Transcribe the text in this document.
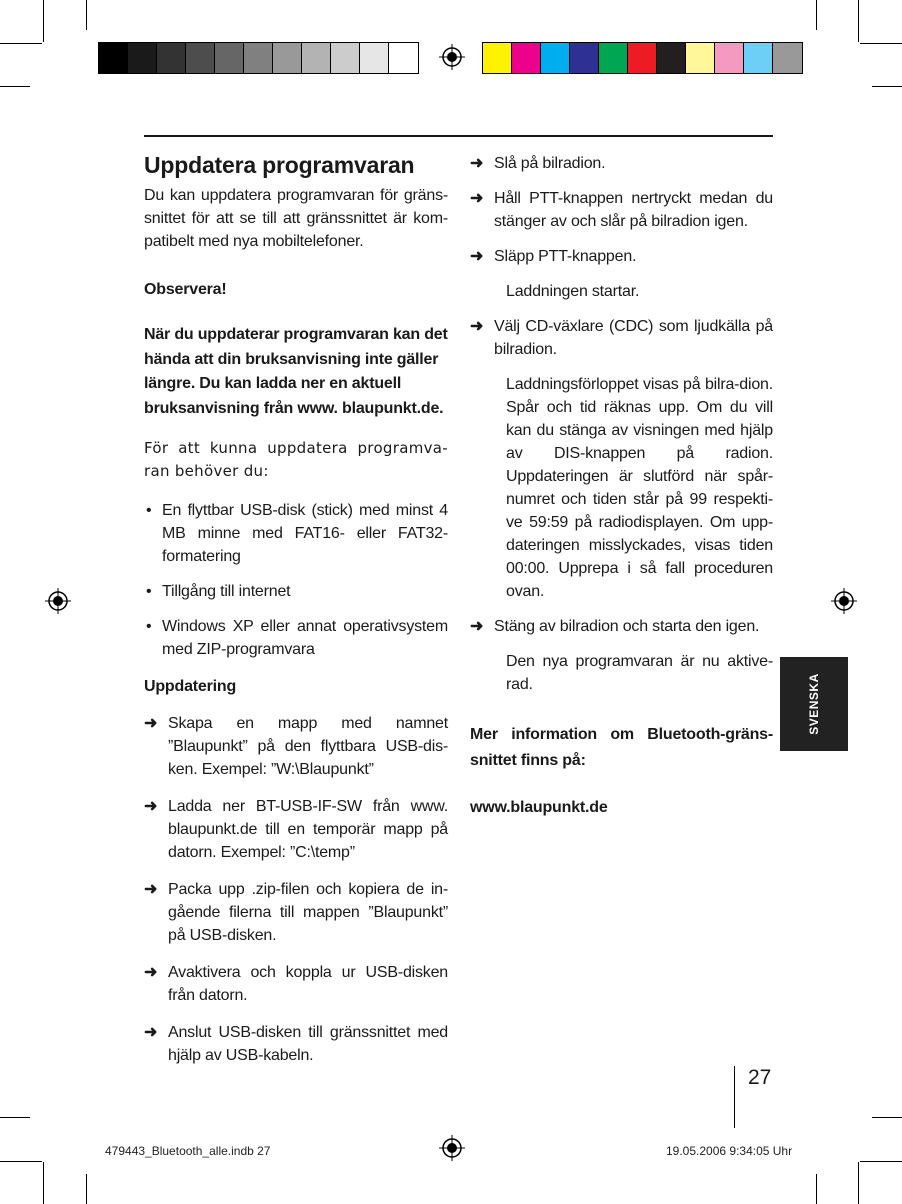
Uppdatera programvaran

Du kan uppdatera programvaran för gräns-snittet för att se till att gränssnittet är kom-patibelt med nya mobiltelefoner.

Observera!

När du uppdaterar programvaran kan det hända att din bruksanvisning inte gäller längre. Du kan ladda ner en aktuell bruksanvisning från www. blaupunkt.de.

För att kunna uppdatera programva-ran behöver du:

• En flyttbar USB-disk (stick) med minst 4 MB minne med FAT16- eller FAT32-formatering
• Tillgång till internet
• Windows XP eller annat operativsystem med ZIP-programvara

Uppdatering

➜ Skapa en mapp med namnet ”Blaupunkt” på den flyttbara USB-dis-ken. Exempel: ”W:\Blaupunkt”
➜ Ladda ner BT-USB-IF-SW från www. blaupunkt.de till en temporär mapp på datorn. Exempel: ”C:\temp”
➜ Packa upp .zip-filen och kopiera de in-gående filerna till mappen ”Blaupunkt” på USB-disken.
➜ Avaktivera och koppla ur USB-disken från datorn.
➜ Anslut USB-disken till gränssnittet med hjälp av USB-kabeln.
➜ Slå på bilradion.
➜ Håll PTT-knappen nertryckt medan du stänger av och slår på bilradion igen.
➜ Släpp PTT-knappen.

Laddningen startar.

➜ Välj CD-växlare (CDC) som ljudkälla på bilradion.

Laddningsförloppet visas på bilra-dion. Spår och tid räknas upp. Om du vill kan du stänga av visningen med hjälp av DIS-knappen på radion. Uppdateringen är slutförd när spår-numret och tiden står på 99 respekti-ve 59:59 på radiodisplayen. Om upp-dateringen misslyckades, visas tiden 00:00. Upprepa i så fall proceduren ovan.

➜ Stäng av bilradion och starta den igen.

Den nya programvaran är nu aktive-rad.

Mer information om Bluetooth-gräns-snittet finns på:

www.blaupunkt.de

SVENSKA
27
479443_Bluetooth_alle.indb 27	19.05.2006 9:34:05 Uhr
